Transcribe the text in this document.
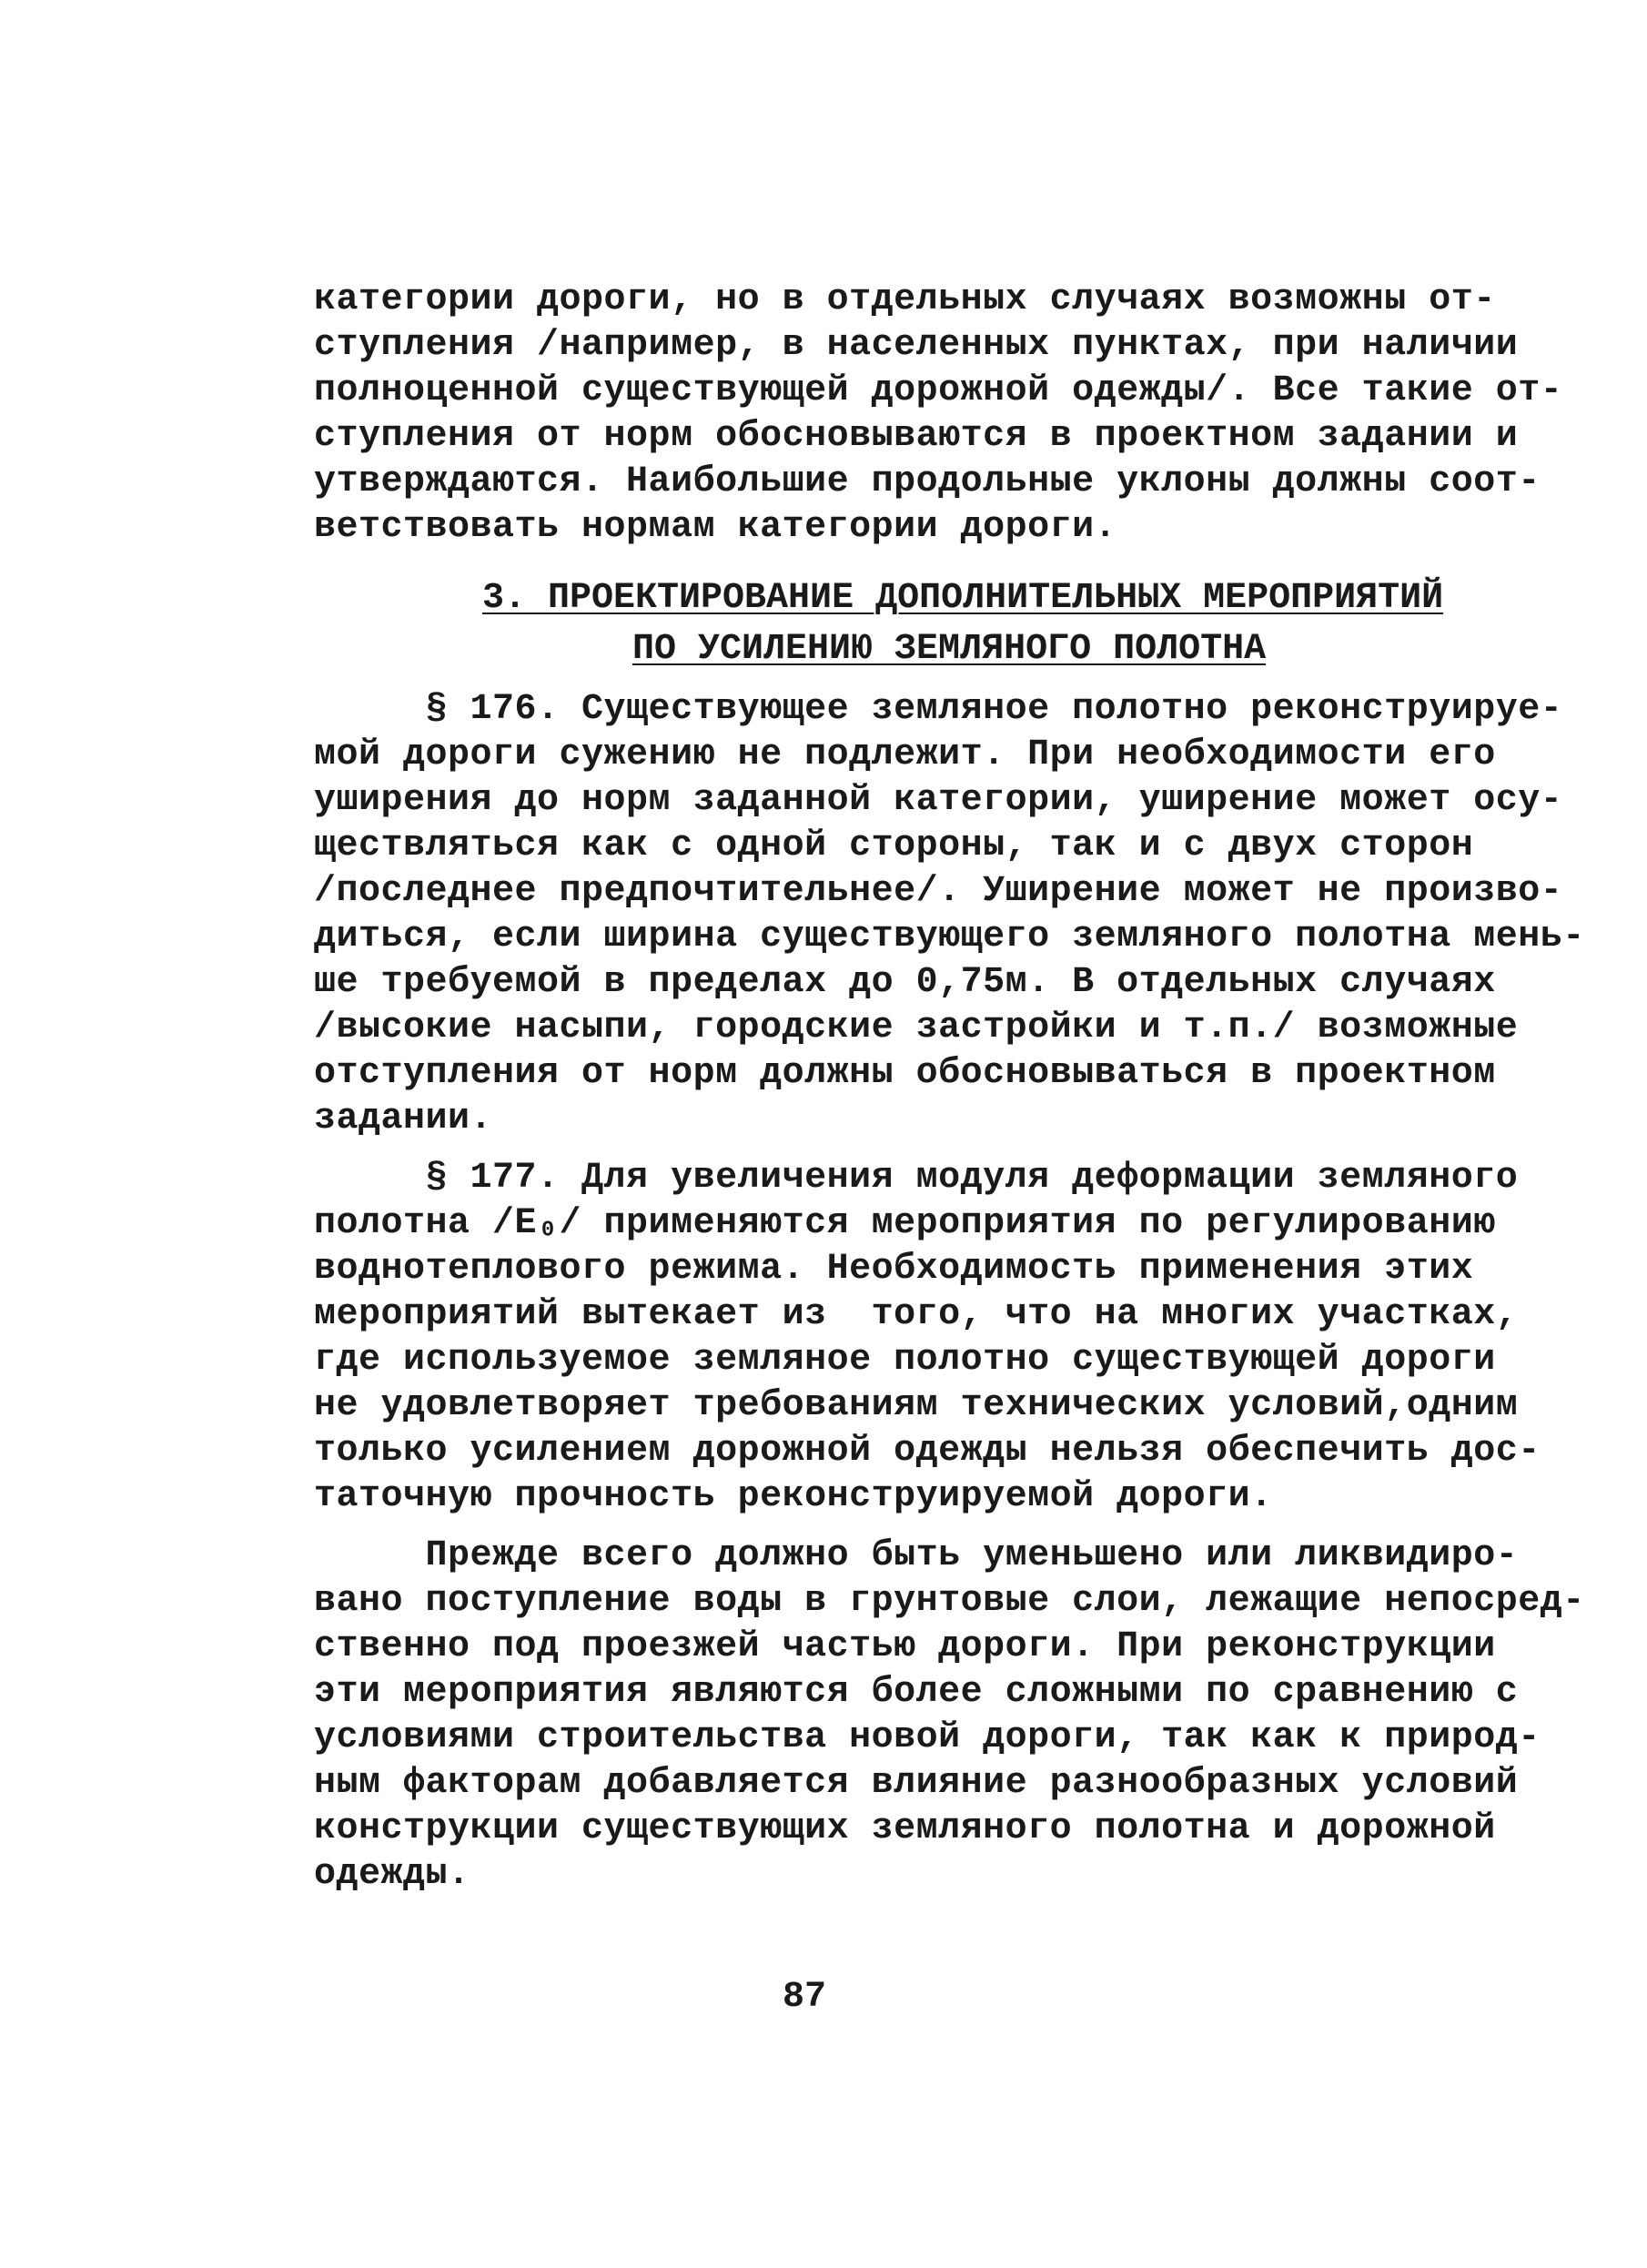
категории дороги, но в отдельных случаях возможны от-
ступления /например, в населенных пунктах, при наличии
полноценной существующей дорожной одежды/. Все такие от-
ступления от норм обосновываются в проектном задании и
утверждаются. Наибольшие продольные уклоны должны соот-
ветствовать нормам категории дороги.
3. ПРОЕКТИРОВАНИЕ ДОПОЛНИТЕЛЬНЫХ МЕРОПРИЯТИЙ
ПО УСИЛЕНИЮ ЗЕМЛЯНОГО ПОЛОТНА
§ 176. Существующее земляное полотно реконструируе-
мой дороги сужению не подлежит. При необходимости его
уширения до норм заданной категории, уширение может осу-
ществляться как с одной стороны, так и с двух сторон
/последнее предпочтительнее/. Уширение может не произво-
диться, если ширина существующего земляного полотна мень-
ше требуемой в пределах до 0,75м. В отдельных случаях
/высокие насыпи, городские застройки и т.п./ возможные
отступления от норм должны обосновываться в проектном
задании.
§ 177. Для увеличения модуля деформации земляного
полотна /E₀/ применяются мероприятия по регулированию
воднотеплового режима. Необходимость применения этих
мероприятий вытекает из  того, что на многих участках,
где используемое земляное полотно существующей дороги
не удовлетворяет требованиям технических условий,одним
только усилением дорожной одежды нельзя обеспечить дос-
таточную прочность реконструируемой дороги.
Прежде всего должно быть уменьшено или ликвидиро-
вано поступление воды в грунтовые слои, лежащие непосред-
ственно под проезжей частью дороги. При реконструкции
эти мероприятия являются более сложными по сравнению с
условиями строительства новой дороги, так как к природ-
ным факторам добавляется влияние разнообразных условий
конструкции существующих земляного полотна и дорожной
одежды.
87
